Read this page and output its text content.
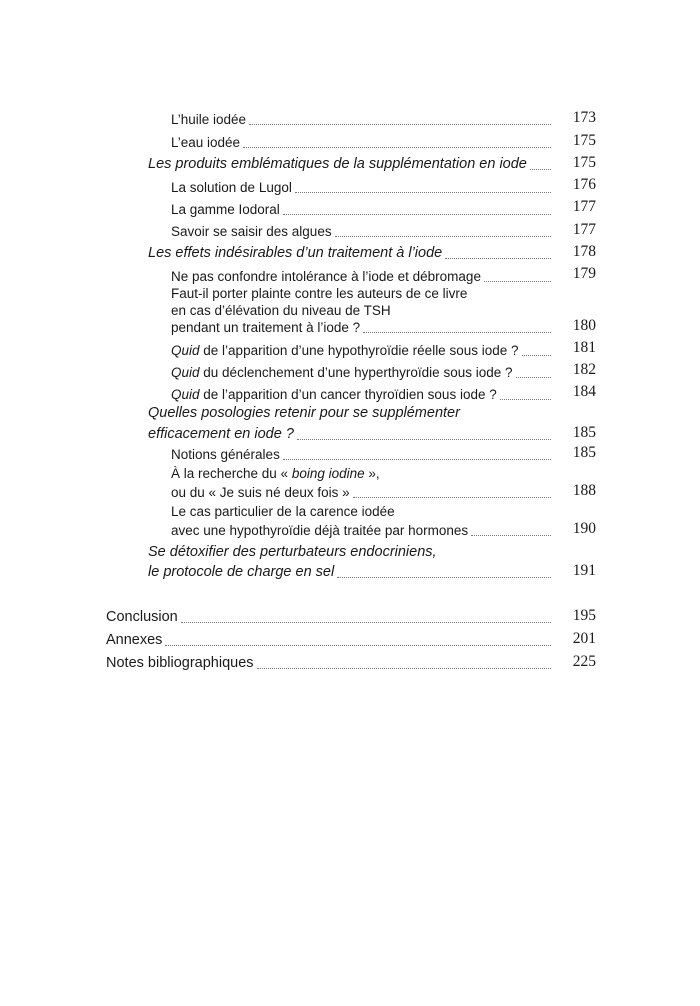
L’huile iodée	173
L’eau iodée	175
Les produits emblématiques de la supplémentation en iode	175
La solution de Lugol	176
La gamme Iodoral	177
Savoir se saisir des algues	177
Les effets indésirables d’un traitement à l’iode	178
Ne pas confondre intolérance à l’iode et débromage	179
Faut-il porter plainte contre les auteurs de ce livre
en cas d’élévation du niveau de TSH
pendant un traitement à l’iode ?	180
Quid de l’apparition d’une hypothyroïdie réelle sous iode ?	181
Quid du déclenchement d’une hyperthyroïdie sous iode ?	182
Quid de l’apparition d’un cancer thyroïdien sous iode ?	184
Quelles posologies retenir pour se supplémenter
efficacement en iode ?	185
Notions générales	185
À la recherche du « boing iodine »,
ou du « Je suis né deux fois »	188
Le cas particulier de la carence iodée
avec une hypothyroïdie déjà traitée par hormones	190
Se détoxifier des perturbateurs endocriniens,
le protocole de charge en sel	191
Conclusion	195
Annexes	201
Notes bibliographiques	225
